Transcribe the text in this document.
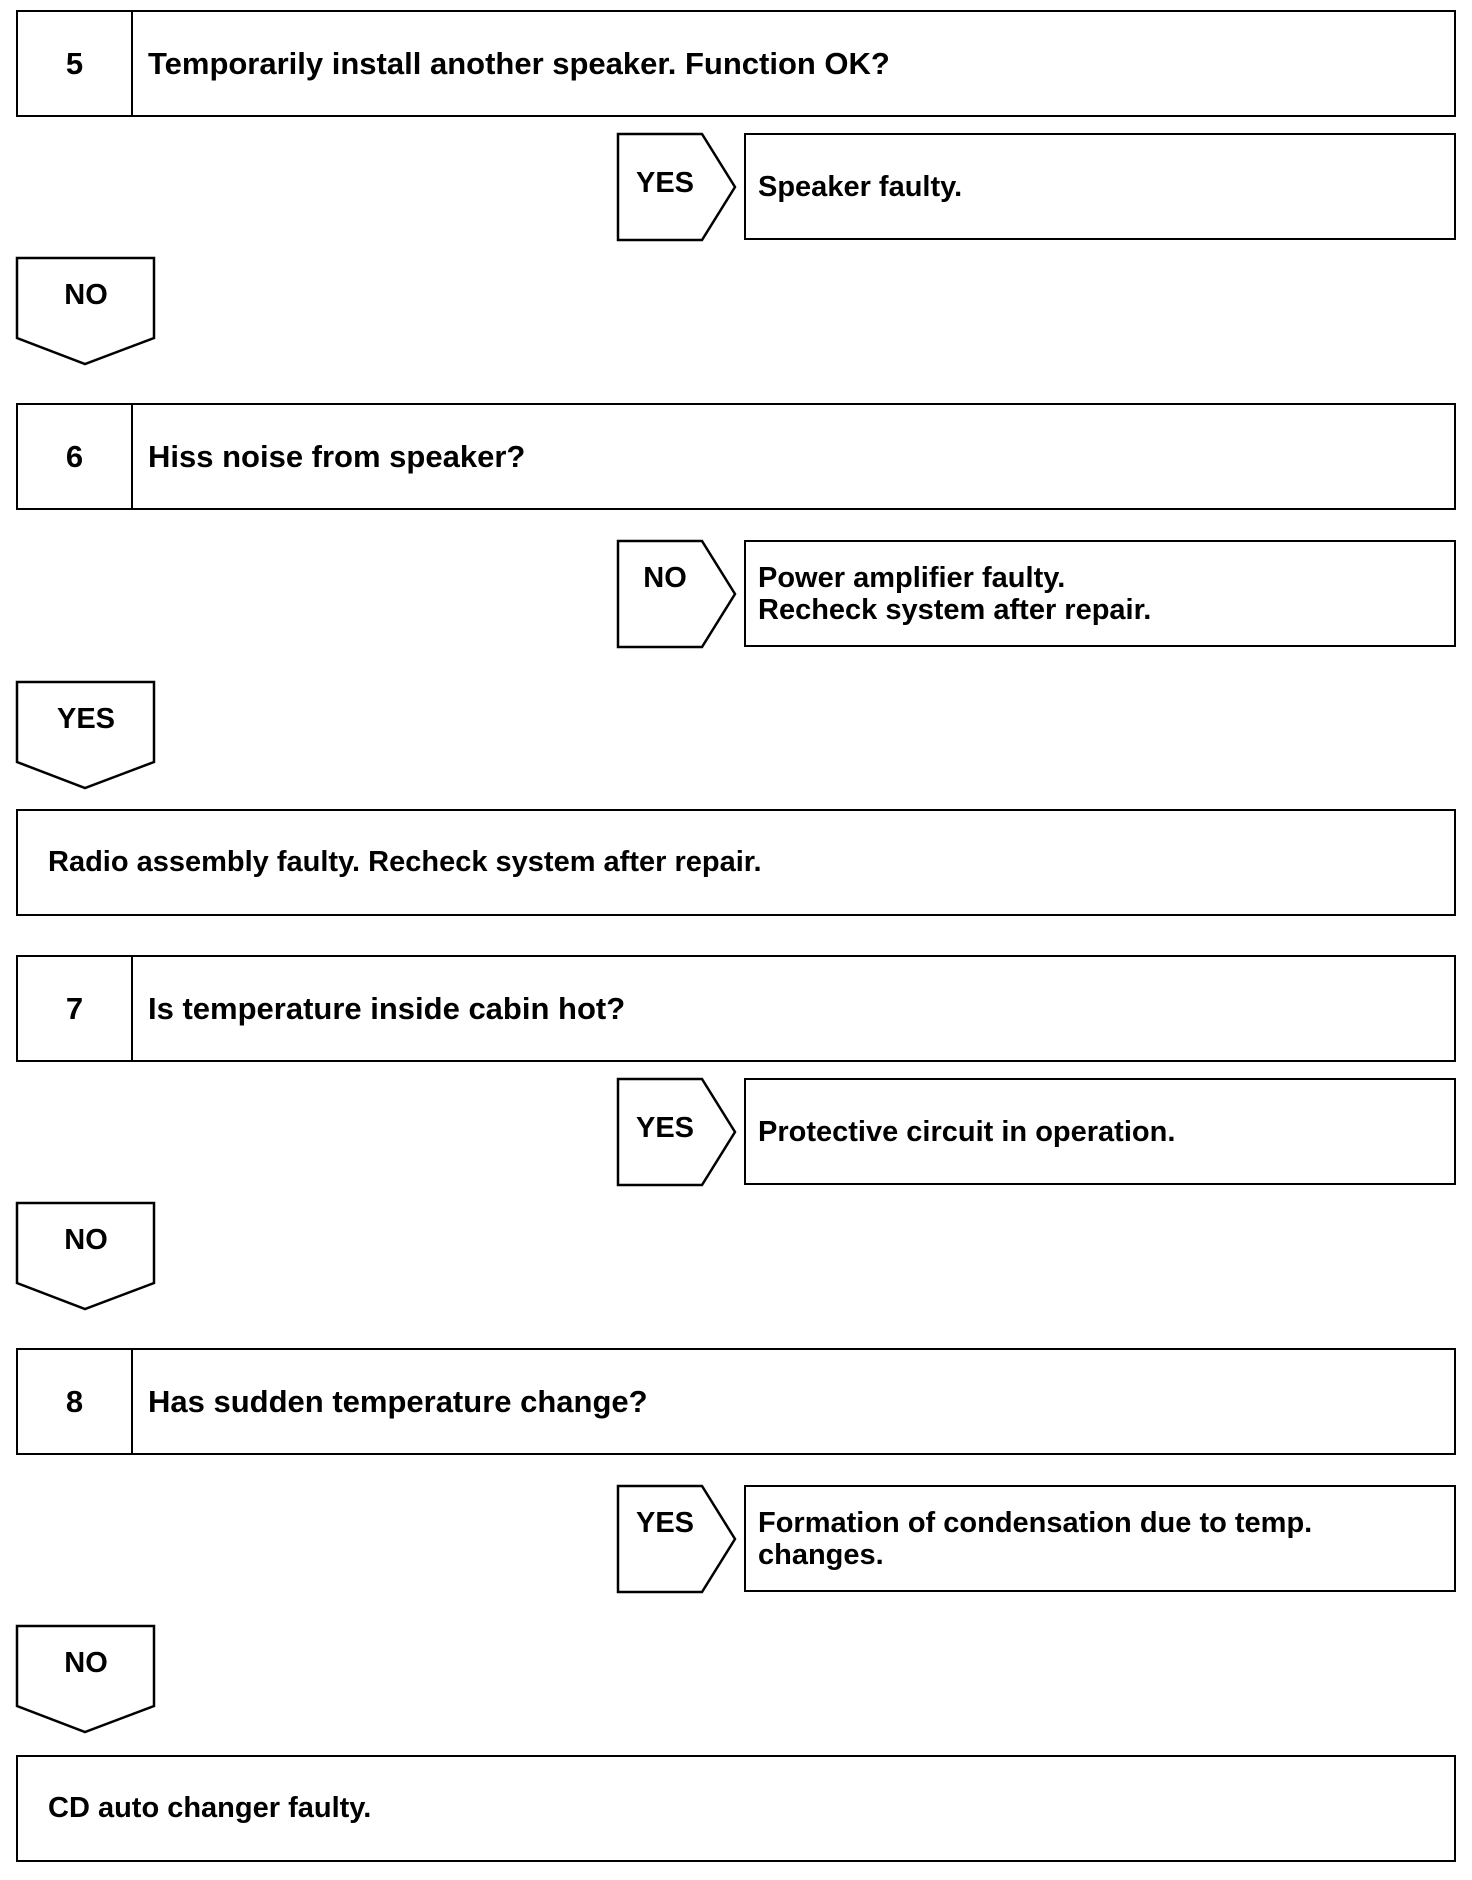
5	Temporarily install another speaker. Function OK?
YES	Speaker faulty.
NO
6	Hiss noise from speaker?
NO	Power amplifier faulty.
Recheck system after repair.
YES
Radio assembly faulty. Recheck system after repair.
7	Is temperature inside cabin hot?
YES	Protective circuit in operation.
NO
8	Has sudden temperature change?
YES	Formation of condensation due to temp.
changes.
NO
CD auto changer faulty.
